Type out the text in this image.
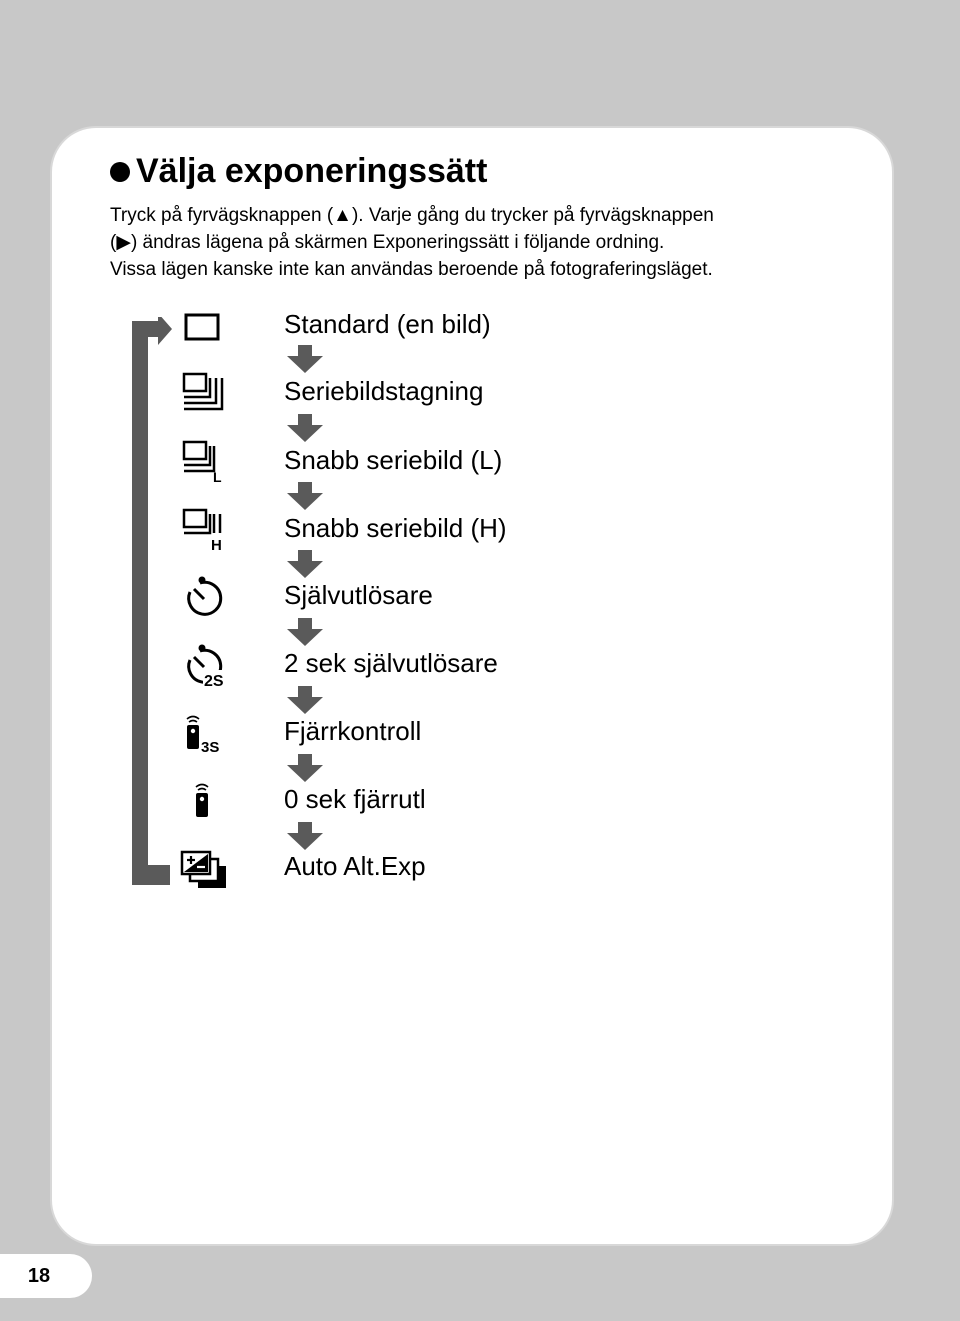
Välja exponeringssätt

Tryck på fyrvägsknappen (▲). Varje gång du trycker på fyrvägsknappen

(▶) ändras lägena på skärmen Exponeringssätt i följande ordning.

Vissa lägen kanske inte kan användas beroende på fotograferingsläget.

L
H
2S
3S
Standard (en bild)
Seriebildstagning
Snabb seriebild (L)
Snabb seriebild (H)
Självutlösare
2 sek självutlösare
Fjärrkontroll
0 sek fjärrutl
Auto Alt.Exp
18
